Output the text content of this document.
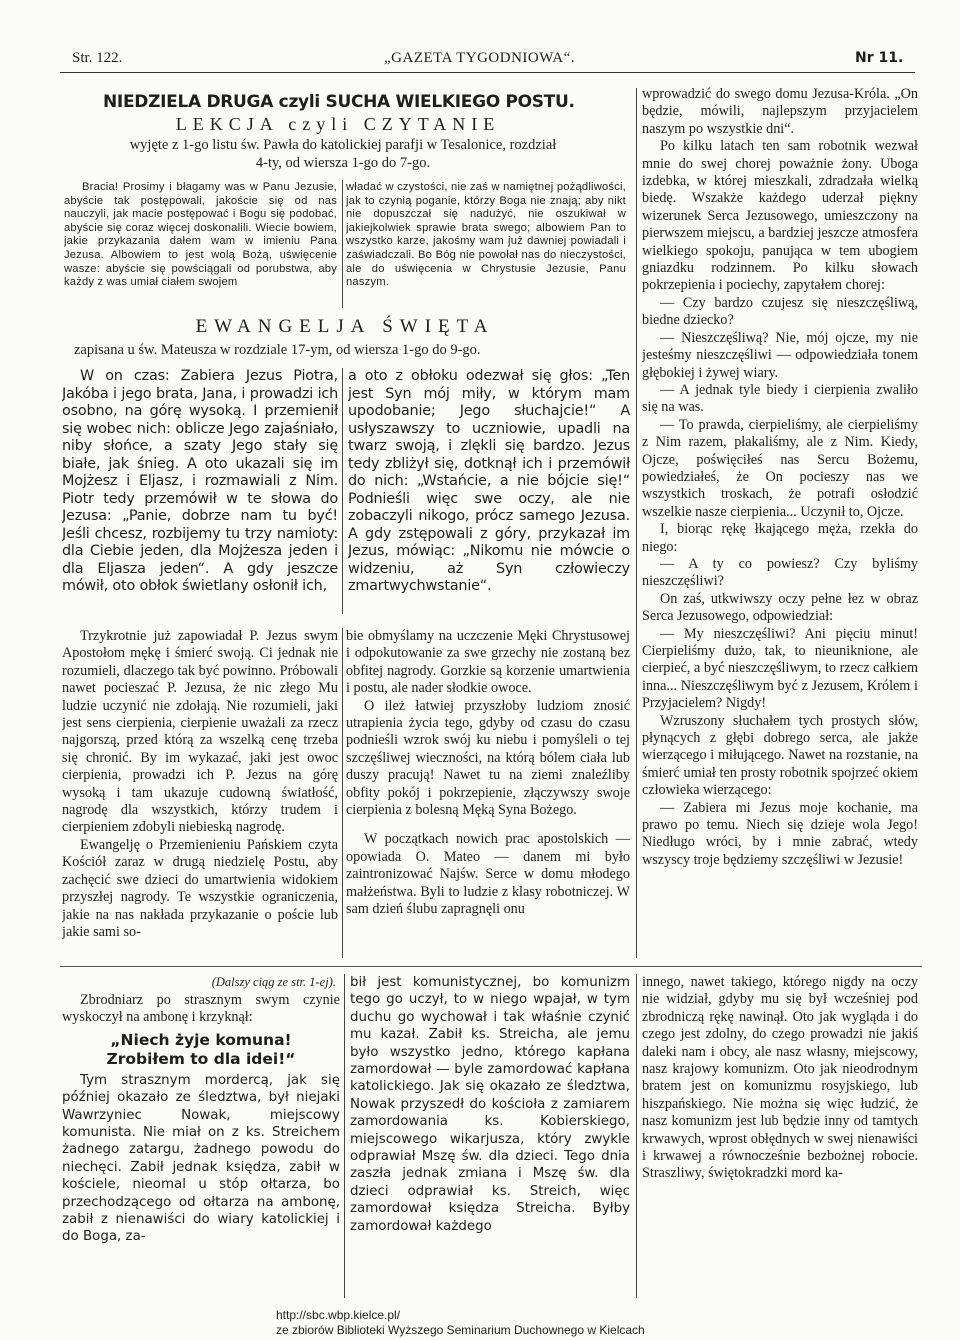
Str. 122.	„GAZETA TYGODNIOWA“.	Nr 11.
NIEDZIELA DRUGA czyli SUCHA WIELKIEGO POSTU.
LEKCJA czyli CZYTANIE
wyjęte z 1-go listu św. Pawła do katolickiej parafji w Tesalonice, rozdział
4-ty, od wiersza 1-go do 7-go.

Bracia! Prosimy i błagamy was w Panu Jezusie, abyście tak postępowali, jakoście się od nas nauczyli, jak macie postępować i Bogu się podobać, abyście się coraz więcej doskonalili. Wiecie bowiem, jakie przykazania dałem wam w imieniu Pana Jezusa. Albowiem to jest wolą Bożą, uświęcenie wasze: abyście się powściągali od porubstwa, aby każdy z was umiał ciałem swojem

władać w czystości, nie zaś w namiętnej pożądliwości, jak to czynią poganie, którzy Boga nie znają; aby nikt nie dopuszczał się nadużyć, nie oszukiwał w jakiejkolwiek sprawie brata swego; albowiem Pan to wszystko karze, jakośmy wam już dawniej powiadali i zaświadczali. Bo Bóg nie powołał nas do nieczystości, ale do uświęcenia w Chrystusie Jezusie, Panu naszym.

EWANGELJA ŚWIĘTA
zapisana u św. Mateusza w rozdziale 17-ym, od wiersza 1-go do 9-go.

W on czas: Zabiera Jezus Piotra, Jakóba i jego brata, Jana, i prowadzi ich osobno, na górę wysoką. I przemienił się wobec nich: oblicze Jego zajaśniało, niby słońce, a szaty Jego stały się białe, jak śnieg. A oto ukazali się im Mojżesz i Eljasz, i rozmawiali z Nim. Piotr tedy przemówił w te słowa do Jezusa: „Panie, dobrze nam tu być! Jeśli chcesz, rozbijemy tu trzy namioty: dla Ciebie jeden, dla Mojżesza jeden i dla Eljasza jeden“. A gdy jeszcze mówił, oto obłok świetlany osłonił ich,

a oto z obłoku odezwał się głos: „Ten jest Syn mój miły, w którym mam upodobanie; Jego słuchajcie!“ A usłyszawszy to uczniowie, upadli na twarz swoją, i zlękli się bardzo. Jezus tedy zbliżył się, dotknął ich i przemówił do nich: „Wstańcie, a nie bójcie się!“ Podnieśli więc swe oczy, ale nie zobaczyli nikogo, prócz samego Jezusa. A gdy zstępowali z góry, przykazał im Jezus, mówiąc: „Nikomu nie mówcie o widzeniu, aż Syn człowieczy zmartwychwstanie“.

Trzykrotnie już zapowiadał P. Jezus swym Apostołom mękę i śmierć swoją. Ci jednak nie rozumieli, dlaczego tak być powinno. Próbowali nawet pocieszać P. Jezusa, że nic złego Mu ludzie uczynić nie zdołają. Nie rozumieli, jaki jest sens cierpienia, cierpienie uważali za rzecz najgorszą, przed którą za wszelką cenę trzeba się chronić. By im wykazać, jaki jest owoc cierpienia, prowadzi ich P. Jezus na górę wysoką i tam ukazuje cudowną światłość, nagrodę dla wszystkich, którzy trudem i cierpieniem zdobyli niebieską nagrodę.

Ewangelję o Przemienieniu Pańskiem czyta Kościół zaraz w drugą niedzielę Postu, aby zachęcić swe dzieci do umartwienia widokiem przyszłej nagrody. Te wszystkie ograniczenia, jakie na nas nakłada przykazanie o poście lub jakie sami so-

bie obmyślamy na uczczenie Męki Chrystusowej i odpokutowanie za swe grzechy nie zostaną bez obfitej nagrody. Gorzkie są korzenie umartwienia i postu, ale nader słodkie owoce.

O ileż łatwiej przyszłoby ludziom znosić utrapienia życia tego, gdyby od czasu do czasu podnieśli wzrok swój ku niebu i pomyśleli o tej szczęśliwej wieczności, na którą bólem ciała lub duszy pracują! Nawet tu na ziemi znaleźliby obfity pokój i pokrzepienie, złączywszy swoje cierpienia z bolesną Męką Syna Bożego.

W początkach nowich prac apostolskich — opowiada O. Mateo — danem mi było zaintronizować Najśw. Serce w domu młodego małżeństwa. Byli to ludzie z klasy robotniczej. W sam dzień ślubu zapragnęli onu

wprowadzić do swego domu Jezusa-Króla. „On będzie, mówili, najlepszym przyjacielem naszym po wszystkie dni“.

Po kilku latach ten sam robotnik wezwał mnie do swej chorej poważnie żony. Uboga izdebka, w której mieszkali, zdradzała wielką biedę. Wszakże każdego uderzał piękny wizerunek Serca Jezusowego, umieszczony na pierwszem miejscu, a bardziej jeszcze atmosfera wielkiego spokoju, panująca w tem ubogiem gniazdku rodzinnem. Po kilku słowach pokrzepienia i pociechy, zapytałem chorej:

— Czy bardzo czujesz się nieszczęśliwą, biedne dziecko?

— Nieszczęśliwą? Nie, mój ojcze, my nie jesteśmy nieszczęśliwi — odpowiedziała tonem głębokiej i żywej wiary.

— A jednak tyle biedy i cierpienia zwaliło się na was.

— To prawda, cierpieliśmy, ale cierpieliśmy z Nim razem, płakaliśmy, ale z Nim. Kiedy, Ojcze, poświęciłeś nas Sercu Bożemu, powiedziałeś, że On pocieszy nas we wszystkich troskach, że potrafi osłodzić wszelkie nasze cierpienia... Uczynił to, Ojcze.

I, biorąc rękę łkającego męża, rzekła do niego:

— A ty co powiesz? Czy byliśmy nieszczęśliwi?

On zaś, utkwiwszy oczy pełne łez w obraz Serca Jezusowego, odpowiedział:

— My nieszczęśliwi? Ani pięciu minut! Cierpieliśmy dużo, tak, to nieuniknione, ale cierpieć, a być nieszczęśliwym, to rzecz całkiem inna... Nieszczęśliwym być z Jezusem, Królem i Przyjacielem? Nigdy!

Wzruszony słuchałem tych prostych słów, płynących z głębi dobrego serca, ale jakże wierzącego i miłującego. Nawet na rozstanie, na śmierć umiał ten prosty robotnik spojrzeć okiem człowieka wierzącego:

— Zabiera mi Jezus moje kochanie, ma prawo po temu. Niech się dzieje wola Jego! Niedługo wróci, by i mnie zabrać, wtedy wszyscy troje będziemy szczęśliwi w Jezusie!

(Dalszy ciąg ze str. 1-ej).

Zbrodniarz po strasznym swym czynie wyskoczył na ambonę i krzyknął:

„Niech żyje komuna!
Zrobiłem to dla idei!“

Tym strasznym mordercą, jak się później okazało ze śledztwa, był niejaki Wawrzyniec Nowak, miejscowy komunista. Nie miał on z ks. Streichem żadnego zatargu, żadnego powodu do niechęci. Zabił jednak księdza, zabił w kościele, nieomal u stóp ołtarza, bo przechodzącego od ołtarza na ambonę, zabił z nienawiści do wiary katolickiej i do Boga, za-

bił jest komunistycznej, bo komunizm tego go uczył, to w niego wpajał, w tym duchu go wychował i tak właśnie czynić mu kazał. Zabił ks. Streicha, ale jemu było wszystko jedno, którego kapłana zamordował — byle zamordować kapłana katolickiego. Jak się okazało ze śledztwa, Nowak przyszedł do kościoła z zamiarem zamordowania ks. Kobierskiego, miejscowego wikarjusza, który zwykle odprawiał Mszę św. dla dzieci. Tego dnia zaszła jednak zmiana i Mszę św. dla dzieci odprawiał ks. Streich, więc zamordował księdza Streicha. Byłby zamordował każdego

innego, nawet takiego, którego nigdy na oczy nie widział, gdyby mu się był wcześniej pod zbrodniczą rękę nawinął. Oto jak wygląda i do czego jest zdolny, do czego prowadzi nie jakiś daleki nam i obcy, ale nasz własny, miejscowy, nasz krajowy komunizm. Oto jak nieodrodnym bratem jest on komunizmu rosyjskiego, lub hiszpańskiego. Nie można się więc łudzić, że nasz komunizm jest lub będzie inny od tamtych krwawych, wprost obłędnych w swej nienawiści i krwawej a równocześnie bezbożnej robocie. Straszliwy, świętokradzki mord ka-

http://sbc.wbp.kielce.pl/
ze zbiorów Biblioteki Wyższego Seminarium Duchownego w Kielcach
